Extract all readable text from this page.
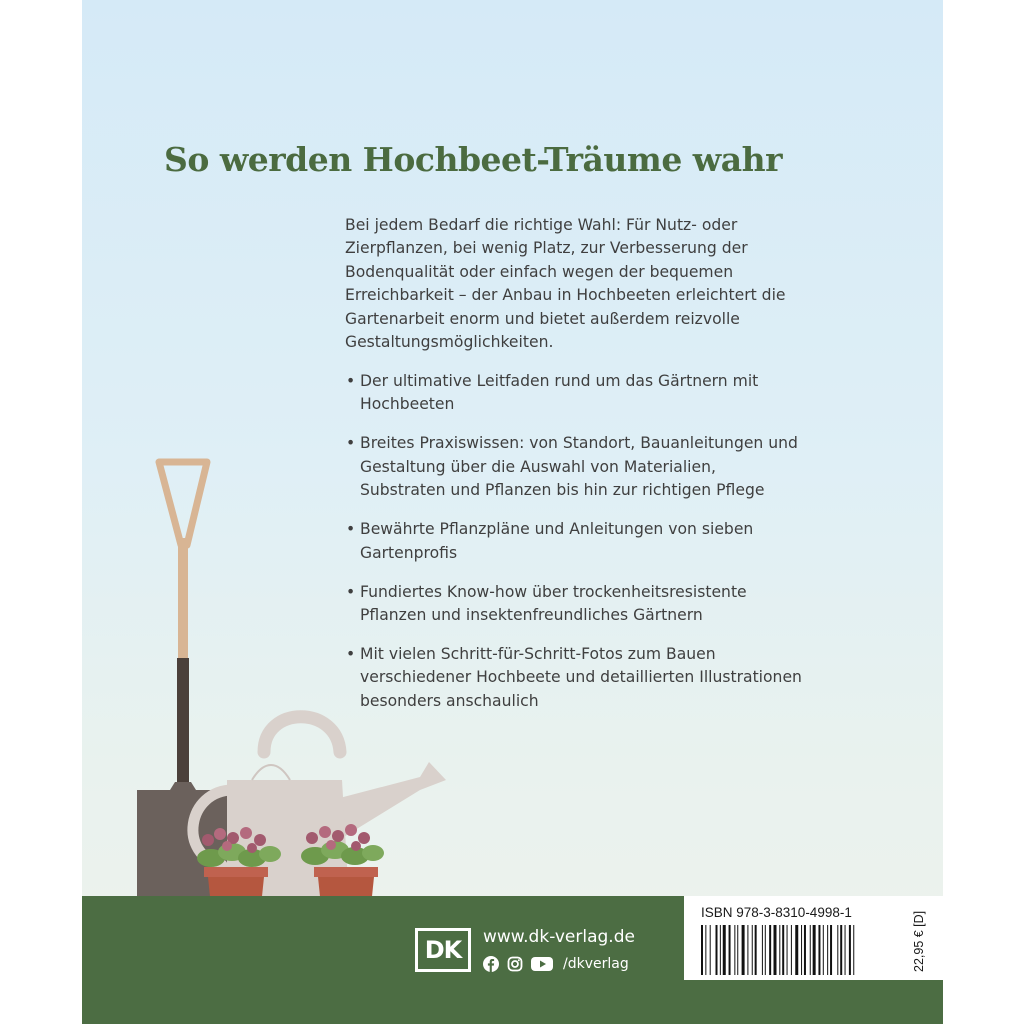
So werden Hochbeet-Träume wahr

Bei jedem Bedarf die richtige Wahl: Für Nutz- oder Zierpflanzen, bei wenig Platz, zur Verbesserung der Bodenqualität oder einfach wegen der bequemen Erreichbarkeit – der Anbau in Hochbeeten erleichtert die Gartenarbeit enorm und bietet außerdem reizvolle Gestaltungsmöglichkeiten.

• Der ultimative Leitfaden rund um das Gärtnern mit Hochbeeten
• Breites Praxiswissen: von Standort, Bauanleitungen und Gestaltung über die Auswahl von Materialien, Substraten und Pflanzen bis hin zur richtigen Pflege
• Bewährte Pflanzpläne und Anleitungen von sieben Gartenprofis
• Fundiertes Know-how über trockenheitsresistente Pflanzen und insektenfreundliches Gärtnern
• Mit vielen Schritt-für-Schritt-Fotos zum Bauen verschiedener Hochbeete und detaillierten Illustrationen besonders anschaulich
DK	www.dk-verlag.de
/dkverlag
ISBN 978-3-8310-4998-1	22,95 € [D]
